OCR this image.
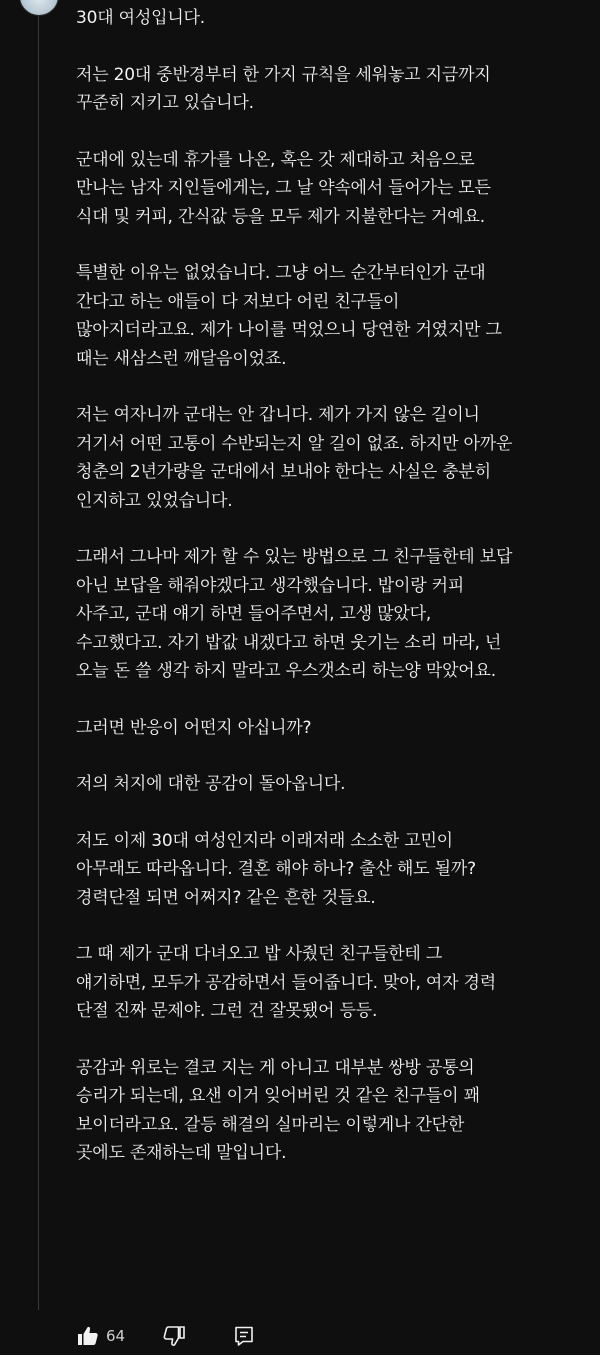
30대 여성입니다.

저는 20대 중반경부터 한 가지 규칙을 세워놓고 지금까지
꾸준히 지키고 있습니다.

군대에 있는데 휴가를 나온, 혹은 갓 제대하고 처음으로
만나는 남자 지인들에게는, 그 날 약속에서 들어가는 모든
식대 및 커피, 간식값 등을 모두 제가 지불한다는 거예요.

특별한 이유는 없었습니다. 그냥 어느 순간부터인가 군대
간다고 하는 애들이 다 저보다 어린 친구들이
많아지더라고요. 제가 나이를 먹었으니 당연한 거였지만 그
때는 새삼스런 깨달음이었죠.

저는 여자니까 군대는 안 갑니다. 제가 가지 않은 길이니
거기서 어떤 고통이 수반되는지 알 길이 없죠. 하지만 아까운
청춘의 2년가량을 군대에서 보내야 한다는 사실은 충분히
인지하고 있었습니다.

그래서 그나마 제가 할 수 있는 방법으로 그 친구들한테 보답
아닌 보답을 해줘야겠다고 생각했습니다. 밥이랑 커피
사주고, 군대 얘기 하면 들어주면서, 고생 많았다,
수고했다고. 자기 밥값 내겠다고 하면 웃기는 소리 마라, 넌
오늘 돈 쓸 생각 하지 말라고 우스갯소리 하는양 막았어요.

그러면 반응이 어떤지 아십니까?

저의 처지에 대한 공감이 돌아옵니다.

저도 이제 30대 여성인지라 이래저래 소소한 고민이
아무래도 따라옵니다. 결혼 해야 하나? 출산 해도 될까?
경력단절 되면 어쩌지? 같은 흔한 것들요.

그 때 제가 군대 다녀오고 밥 사줬던 친구들한테 그
얘기하면, 모두가 공감하면서 들어줍니다. 맞아, 여자 경력
단절 진짜 문제야. 그런 건 잘못됐어 등등.

공감과 위로는 결코 지는 게 아니고 대부분 쌍방 공통의
승리가 되는데, 요샌 이거 잊어버린 것 같은 친구들이 꽤
보이더라고요. 갈등 해결의 실마리는 이렇게나 간단한
곳에도 존재하는데 말입니다.

64
